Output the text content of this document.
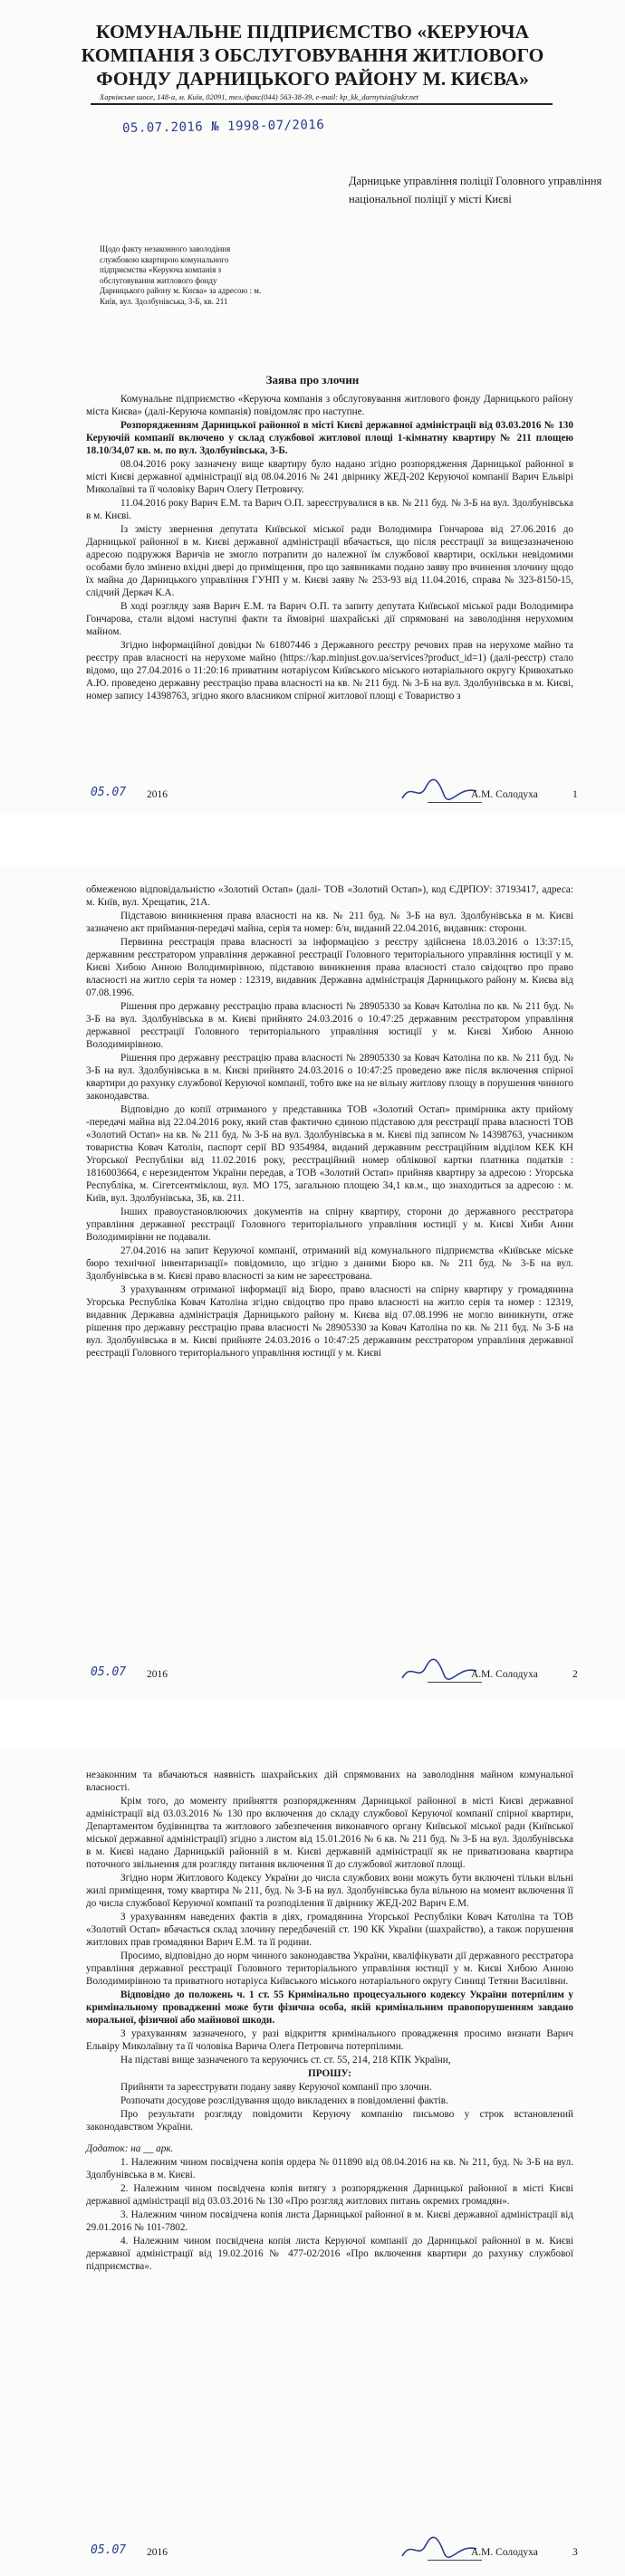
КОМУНАЛЬНЕ ПІДПРИЄМСТВО «КЕРУЮЧА КОМПАНІЯ З ОБСЛУГОВУВАННЯ ЖИТЛОВОГО ФОНДУ ДАРНИЦЬКОГО РАЙОНУ М. КИЄВА»
Харківське шосе, 148-а, м. Київ, 02091, тел./факс(044) 563-38-39, e-mail: kp_kk_darnytsia@ukr.net
05.07.2016 № 1998-07/2016
Дарницьке управління поліції Головного управління національної поліції у місті Києві
Щодо факту незаконного заволодіння службовою квартирою комунального підприємства «Керуюча компанія з обслуговування житлового фонду Дарницького району м. Києва» за адресою : м. Київ, вул. Здолбунівська, 3-Б, кв. 211
Заява про злочин

Комунальне підприємство «Керуюча компанія з обслуговування житлового фонду Дарницького району міста Києва» (далі-Керуюча компанія) повідомляє про наступне.

Розпорядженням Дарницької районної в місті Києві державної адміністрації від 03.03.2016 № 130 Керуючій компанії включено у склад службової житлової площі 1-кімнатну квартиру № 211 площею 18.10/34,07 кв. м. по вул. Здолбунівська, 3-Б.

08.04.2016 року зазначену вище квартиру було надано згідно розпорядження Дарницької районної в місті Києві державної адміністрації від 08.04.2016 № 241 двірнику ЖЕД-202 Керуючої компанії Варич Ельвірі Миколаївні та її чоловіку Варич Олегу Петровичу.

11.04.2016 року Варич Е.М. та Варич О.П. зареєструвалися в кв. № 211 буд. № 3-Б на вул. Здолбунівська в м. Києві.

Із змісту звернення депутата Київської міської ради Володимира Гончарова від 27.06.2016 до Дарницької районної в м. Києві державної адміністрації вбачається, що після реєстрації за вищезазначеною адресою подружжя Варичів не змогло потрапити до належної їм службової квартири, оскільки невідомими особами було змінено вхідні двері до приміщення, про що заявниками подано заяву про вчинення злочину щодо їх майна до Дарницького управління ГУНП у м. Києві заяву № 253-93 від 11.04.2016, справа № 323-8150-15, слідчий Деркач К.А.

В ході розгляду заяв Варич Е.М. та Варич О.П. та запиту депутата Київської міської ради Володимира Гончарова, стали відомі наступні факти та ймовірні шахрайські дії спрямовані на заволодіння нерухомим майном.

Згідно інформаційної довідки № 61807446 з Державного реєстру речових прав на нерухоме майно та реєстру прав власності на нерухоме майно (https://kap.minjust.gov.ua/services?product_id=1) (далі-реєстр) стало відомо, що 27.04.2016 о 11:20:16 приватним нотаріусом Київського міського нотаріального округу Кривохатько А.Ю. проведено державну реєстрацію права власності на кв. № 211 буд. № 3-Б на вул. Здолбунівська в м. Києві, номер запису 14398763, згідно якого власником спірної житлової площі є Товариство з

05.07 2016	А.М. Солодуха	1

обмеженою відповідальністю «Золотий Остап» (далі- ТОВ «Золотий Остап»), код ЄДРПОУ: 37193417, адреса: м. Київ, вул. Хрещатик, 21А.

Підставою виникнення права власності на кв. № 211 буд. № 3-Б на вул. Здолбунівська в м. Києві зазначено акт приймання-передачі майна, серія та номер: б/н, виданий 22.04.2016, видавник: сторони.

Первинна реєстрація права власності за інформацією з реєстру здійснена 18.03.2016 о 13:37:15, державним реєстратором управління державної реєстрації Головного територіального управління юстиції у м. Києві Хибою Анною Володимирівною, підставою виникнення права власності стало свідоцтво про право власності на житло серія та номер : 12319, видавник Державна адміністрація Дарницького району м. Києва від 07.08.1996.

Рішення про державну реєстрацію права власності № 28905330 за Ковач Католіна по кв. № 211 буд. № 3-Б на вул. Здолбунівська в м. Києві прийнято 24.03.2016 о 10:47:25 державним реєстратором управління державної реєстрації Головного територіального управління юстиції у м. Києві Хибою Анною Володимирівною.

Рішення про державну реєстрацію права власності № 28905330 за Ковач Католіна по кв. № 211 буд. № 3-Б на вул. Здолбунівська в м. Києві прийнято 24.03.2016 о 10:47:25 проведено вже після включення спірної квартири до рахунку службової Керуючої компанії, тобто вже на не вільну житлову площу в порушення чинного законодавства.

Відповідно до копії отриманого у представника ТОВ «Золотий Остап» примірника акту прийому -передачі майна від 22.04.2016 року, який став фактично єдиною підставою для реєстрації права власності ТОВ «Золотий Остап» на кв. № 211 буд. № 3-Б на вул. Здолбунівська в м. Києві під записом № 14398763, учасником товариства Ковач Католін, паспорт серії BD 9354984, виданий державним реєстраційним відділом КЕК КН Угорської Республіки від 11.02.2016 року, реєстраційний номер облікової картки платника податків : 1816003664, є нерезидентом України передав, а ТОВ «Золотий Остап» прийняв квартиру за адресою : Угорська Республіка, м. Сігетсентміклош, вул. МО 175, загальною площею 34,1 кв.м., що знаходиться за адресою : м. Київ, вул. Здолбунівська, 3Б, кв. 211.

Інших правоустановлюючих документів на спірну квартиру, сторони до державного реєстратора управління державної реєстрації Головного територіального управління юстиції у м. Києві Хиби Анни Володимирівни не подавали.

27.04.2016 на запит Керуючої компанії, отриманий від комунального підприємства «Київське міське бюро технічної інвентаризації» повідомило, що згідно з даними Бюро кв. № 211 буд. № 3-Б на вул. Здолбунівська в м. Києві право власності за ким не зареєстрована.

З урахуванням отриманої інформації від Бюро, право власності на спірну квартиру у громадянина Угорська Республіка Ковач Католіна згідно свідоцтво про право власності на житло серія та номер : 12319, видавник Державна адміністрація Дарницького району м. Києва від 07.08.1996 не могло виникнути, отже рішення про державну реєстрацію права власності № 28905330 за Ковач Католіна по кв. № 211 буд. № 3-Б на вул. Здолбунівська в м. Києві прийняте 24.03.2016 о 10:47:25 державним реєстратором управління державної реєстрації Головного територіального управління юстиції у м. Києві

05.07 2016	А.М. Солодуха	2

незаконним та вбачаються наявність шахрайських дій спрямованих на заволодіння майном комунальної власності.

Крім того, до моменту прийняття розпорядженням Дарницької районної в місті Києві державної адміністрації від 03.03.2016 № 130 про включення до складу службової Керуючої компанії спірної квартири, Департаментом будівництва та житлового забезпечення виконавчого органу Київської міської ради (Київської міської державної адміністрації) згідно з листом від 15.01.2016 № 6 кв. № 211 буд. № 3-Б на вул. Здолбунівська в м. Києві надано Дарницькій районній в м. Києві державній адміністрації як не приватизована квартира поточного звільнення для розгляду питання включення її до службової житлової площі.

Згідно норм Житлового Кодексу України до числа службових вони можуть бути включені тільки вільні жилі приміщення, тому квартира № 211, буд. № 3-Б на вул. Здолбунівська була вільною на момент включення її до числа службової Керуючої компанії та розподілення її двірнику ЖЕД-202 Варич Е.М.

З урахуванням наведених фактів в діях, громадянина Угорської Республіки Ковач Католіна та ТОВ «Золотий Остап» вбачається склад злочину передбаченій ст. 190 КК України (шахрайство), а також порушення житлових прав громадянки Варич Е.М. та її родини.

Просимо, відповідно до норм чинного законодавства України, кваліфікувати дії державного реєстратора управління державної реєстрації Головного територіального управління юстиції у м. Києві Хибою Анною Володимирівною та приватного нотаріуса Київського міського нотаріального округу Синиці Тетяни Василівни.

Відповідно до положень ч. 1 ст. 55 Кримінально процесуального кодексу України потерпілим у кримінальному провадженні може бути фізична особа, якій кримінальним правопорушенням завдано моральної, фізичної або майнової шкоди.

З урахуванням зазначеного, у разі відкриття кримінального провадження просимо визнати Варич Ельвіру Миколаївну та її чоловіка Варича Олега Петровича потерпілими.

На підставі вище зазначеного та керуючись ст. ст. 55, 214, 218 КПК України,

ПРОШУ:

Прийняти та зареєструвати подану заяву Керуючої компанії про злочин.

Розпочати досудове розслідування щодо викладених в повідомленні фактів.

Про результати розгляду повідомити Керуючу компанію письмово у строк встановлений законодавством України.

Додаток: на __ арк.

1. Належним чином посвідчена копія ордера № 011890 від 08.04.2016 на кв. № 211, буд. № 3-Б на вул. Здолбунівська в м. Києві.

2. Належним чином посвідчена копія витягу з розпорядження Дарницької районної в місті Києві державної адміністрації від 03.03.2016 № 130 «Про розгляд житлових питань окремих громадян».

3. Належним чином посвідчена копія листа Дарницької районної в м. Києві державної адміністрації від 29.01.2016 № 101-7802.

4. Належним чином посвідчена копія листа Керуючої компанії до Дарницької районної в м. Києві державної адміністрації від 19.02.2016 № 477-02/2016 «Про включення квартири до рахунку службової підприємства».

05.07 2016	А.М. Солодуха	3
